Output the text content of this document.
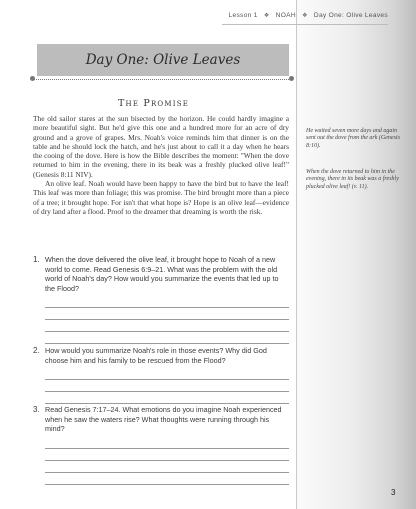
Lesson 1 ❖ NOAH ❖ Day One: Olive Leaves
Day One: Olive Leaves
The Promise

The old sailor stares at the sun bisected by the horizon. He could hardly imagine a more beautiful sight. But he'd give this one and a hundred more for an acre of dry ground and a grove of grapes. Mrs. Noah's voice reminds him that dinner is on the table and he should lock the hatch, and he's just about to call it a day when he hears the cooing of the dove. Here is how the Bible describes the moment: "When the dove returned to him in the evening, there in its beak was a freshly plucked olive leaf!" (Genesis 8:11 NIV).

An olive leaf. Noah would have been happy to have the bird but to have the leaf! This leaf was more than foliage; this was promise. The bird brought more than a piece of a tree; it brought hope. For isn't that what hope is? Hope is an olive leaf—evidence of dry land after a flood. Proof to the dreamer that dreaming is worth the risk.

1. When the dove delivered the olive leaf, it brought hope to Noah of a new world to come. Read Genesis 6:9–21. What was the problem with the old world of Noah's day? How would you summarize the events that led up to the Flood?
2. How would you summarize Noah's role in those events? Why did God choose him and his family to be rescued from the Flood?
3. Read Genesis 7:17–24. What emotions do you imagine Noah experienced when he saw the waters rise? What thoughts were running through his mind?
He waited seven more days and again sent out the dove from the ark (Genesis 8:10).
When the dove returned to him in the evening, there in its beak was a freshly plucked olive leaf! (v. 11).
3
